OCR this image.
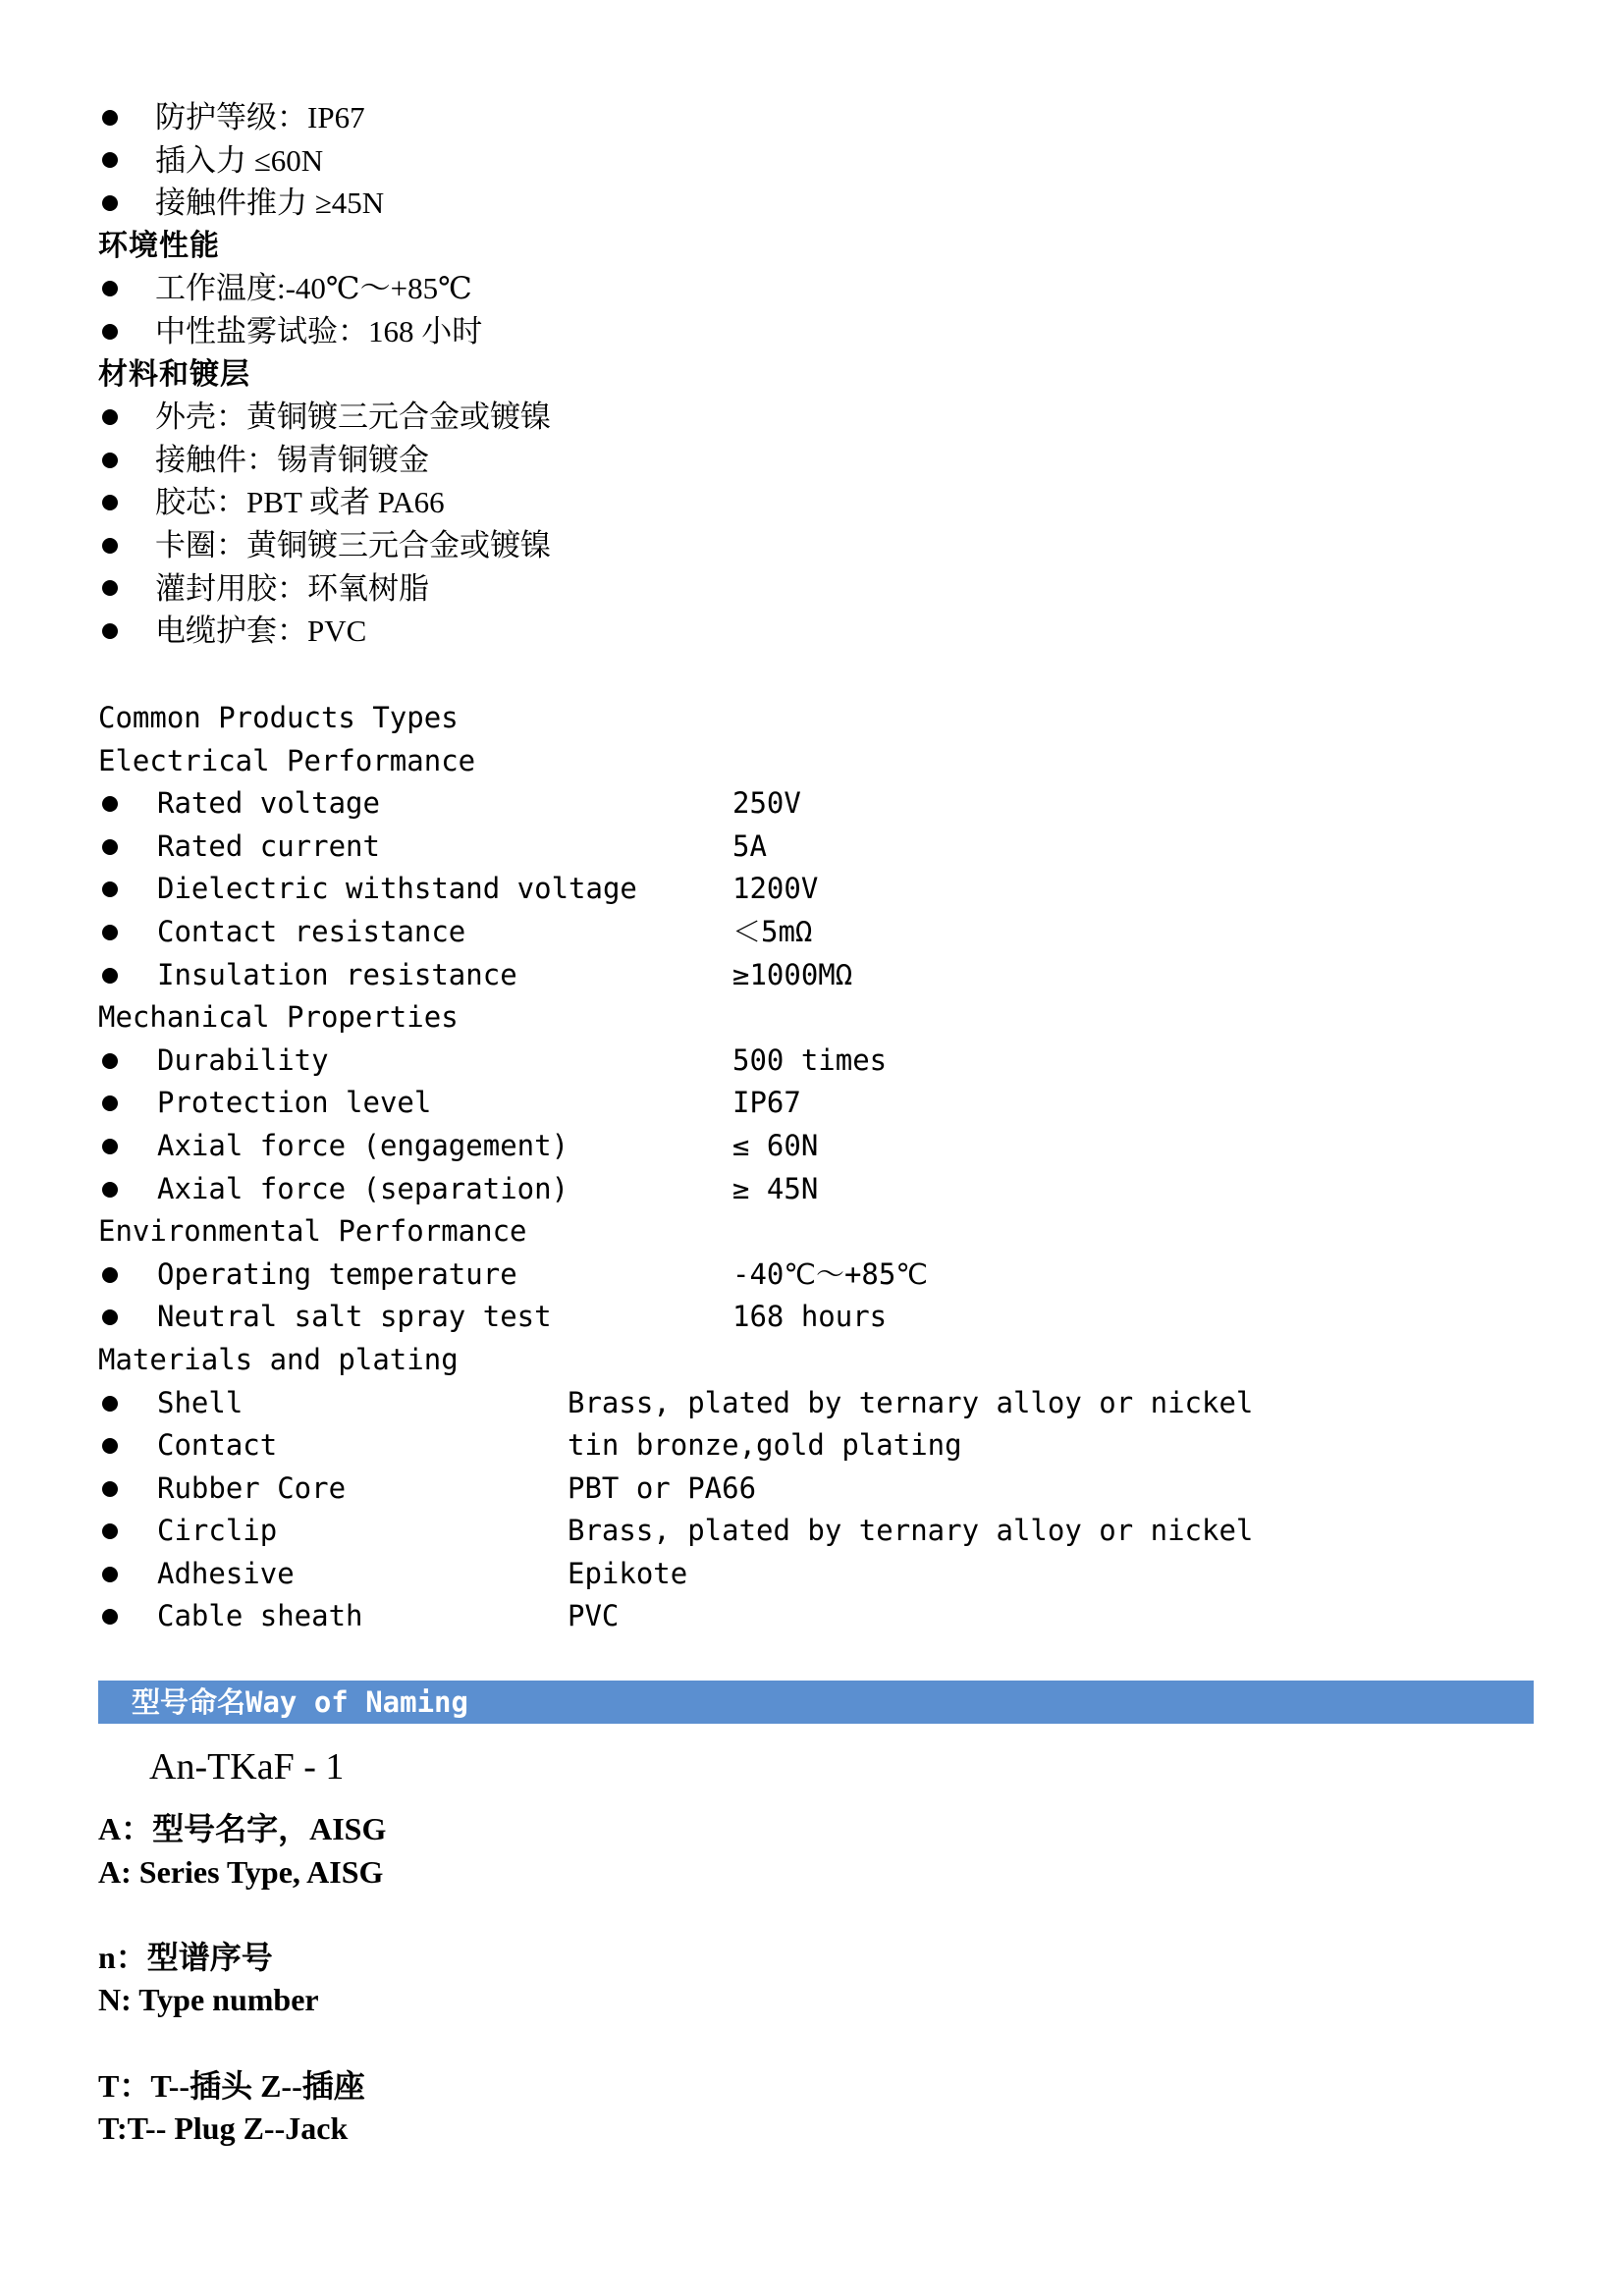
防护等级：IP67
插入力 ≤60N
接触件推力 ≥45N
环境性能
工作温度:-40℃～+85℃
中性盐雾试验：168 小时
材料和镀层
外壳：黄铜镀三元合金或镀镍
接触件：锡青铜镀金
胶芯：PBT 或者 PA66
卡圈：黄铜镀三元合金或镀镍
灌封用胶：环氧树脂
电缆护套：PVC
Common Products Types
Electrical Performance
Rated voltage	250V
Rated current	5A
Dielectric withstand voltage	1200V
Contact resistance	＜5mΩ
Insulation resistance	≥1000MΩ
Mechanical Properties
Durability	500 times
Protection level	IP67
Axial force (engagement)	≤ 60N
Axial force (separation)	≥ 45N
Environmental Performance
Operating temperature	-40℃～+85℃
Neutral salt spray test	168 hours
Materials and plating
Shell	Brass, plated by ternary alloy or nickel
Contact	tin bronze,gold plating
Rubber Core	PBT or PA66
Circlip	Brass, plated by ternary alloy or nickel
Adhesive	Epikote
Cable sheath	PVC
型号命名Way of Naming
An-TKaF - 1
A：型号名字，AISG
A: Series Type, AISG
n：型谱序号
N: Type number
T：T--插头 Z--插座
T:T-- Plug Z--Jack
